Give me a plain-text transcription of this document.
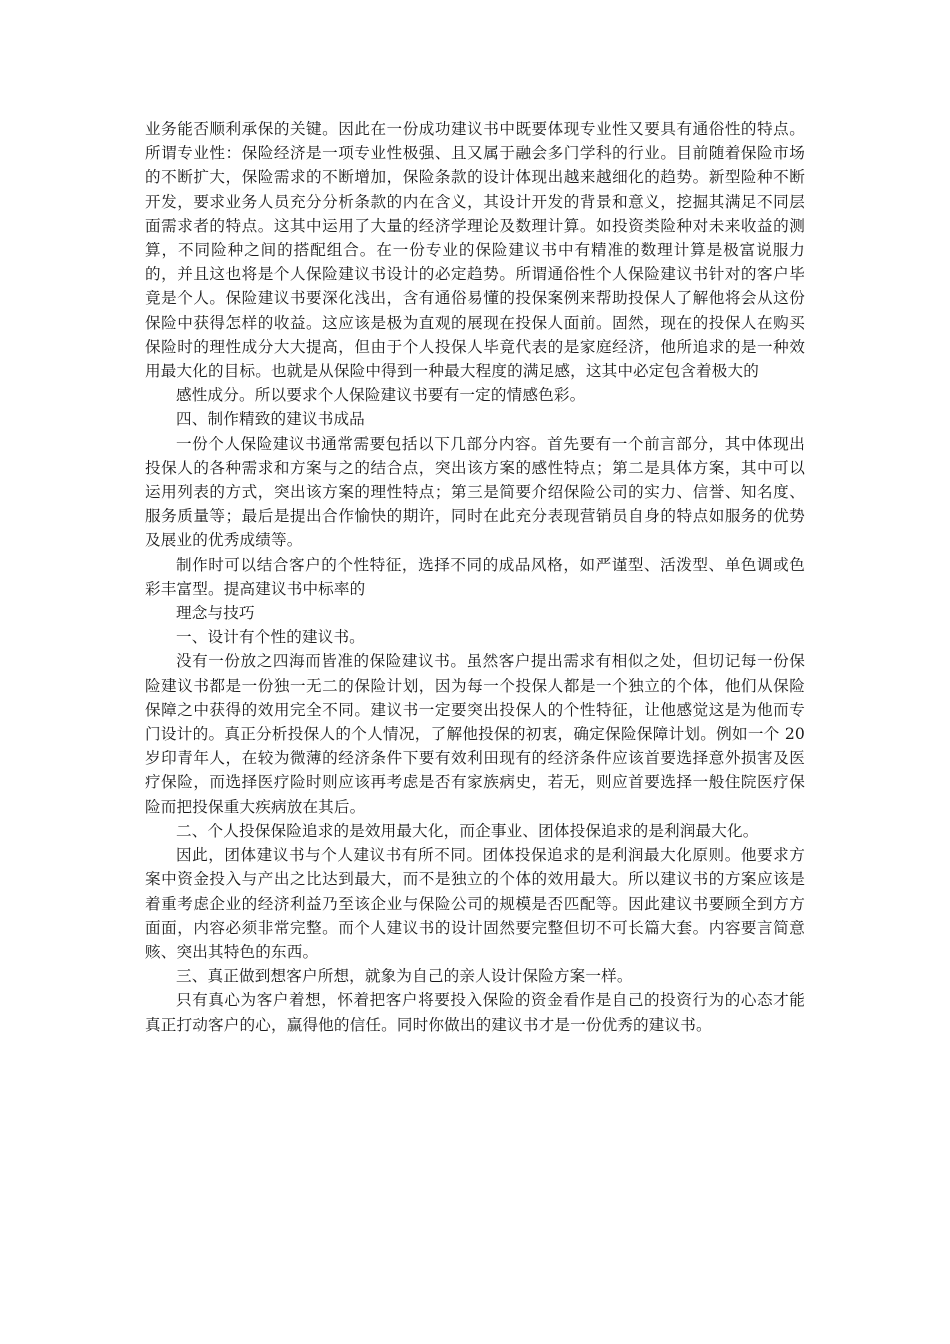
业务能否顺利承保的关键。因此在一份成功建议书中既要体现专业性又要具有通俗性的特点。所谓专业性：保险经济是一项专业性极强、且又属于融会多门学科的行业。目前随着保险市场的不断扩大，保险需求的不断增加，保险条款的设计体现出越来越细化的趋势。新型险种不断开发，要求业务人员充分分析条款的内在含义，其设计开发的背景和意义，挖掘其满足不同层面需求者的特点。这其中运用了大量的经济学理论及数理计算。如投资类险种对未来收益的测算，不同险种之间的搭配组合。在一份专业的保险建议书中有精准的数理计算是极富说服力的，并且这也将是个人保险建议书设计的必定趋势。所谓通俗性个人保险建议书针对的客户毕竟是个人。保险建议书要深化浅出，含有通俗易懂的投保案例来帮助投保人了解他将会从这份保险中获得怎样的收益。这应该是极为直观的展现在投保人面前。固然，现在的投保人在购买保险时的理性成分大大提高，但由于个人投保人毕竟代表的是家庭经济，他所追求的是一种效用最大化的目标。也就是从保险中得到一种最大程度的满足感，这其中必定包含着极大的

感性成分。所以要求个人保险建议书要有一定的情感色彩。

四、制作精致的建议书成品

一份个人保险建议书通常需要包括以下几部分内容。首先要有一个前言部分，其中体现出投保人的各种需求和方案与之的结合点，突出该方案的感性特点；第二是具体方案，其中可以运用列表的方式，突出该方案的理性特点；第三是简要介绍保险公司的实力、信誉、知名度、服务质量等；最后是提出合作愉快的期许，同时在此充分表现营销员自身的特点如服务的优势及展业的优秀成绩等。

制作时可以结合客户的个性特征，选择不同的成品风格，如严谨型、活泼型、单色调或色彩丰富型。提高建议书中标率的

理念与技巧

一、设计有个性的建议书。

没有一份放之四海而皆准的保险建议书。虽然客户提出需求有相似之处，但切记每一份保险建议书都是一份独一无二的保险计划，因为每一个投保人都是一个独立的个体，他们从保险保障之中获得的效用完全不同。建议书一定要突出投保人的个性特征，让他感觉这是为他而专门设计的。真正分析投保人的个人情况，了解他投保的初衷，确定保险保障计划。例如一个 20 岁印青年人，在较为微薄的经济条件下要有效利田现有的经济条件应该首要选择意外损害及医疗保险，而选择医疗险时则应该再考虑是否有家族病史，若无，则应首要选择一般住院医疗保险而把投保重大疾病放在其后。

二、个人投保保险追求的是效用最大化，而企事业、团体投保追求的是利润最大化。

因此，团体建议书与个人建议书有所不同。团体投保追求的是利润最大化原则。他要求方案中资金投入与产出之比达到最大，而不是独立的个体的效用最大。所以建议书的方案应该是着重考虑企业的经济利益乃至该企业与保险公司的规模是否匹配等。因此建议书要顾全到方方面面，内容必须非常完整。而个人建议书的设计固然要完整但切不可长篇大套。内容要言简意赅、突出其特色的东西。

三、真正做到想客户所想，就象为自己的亲人设计保险方案一样。

只有真心为客户着想，怀着把客户将要投入保险的资金看作是自己的投资行为的心态才能真正打动客户的心，赢得他的信任。同时你做出的建议书才是一份优秀的建议书。
